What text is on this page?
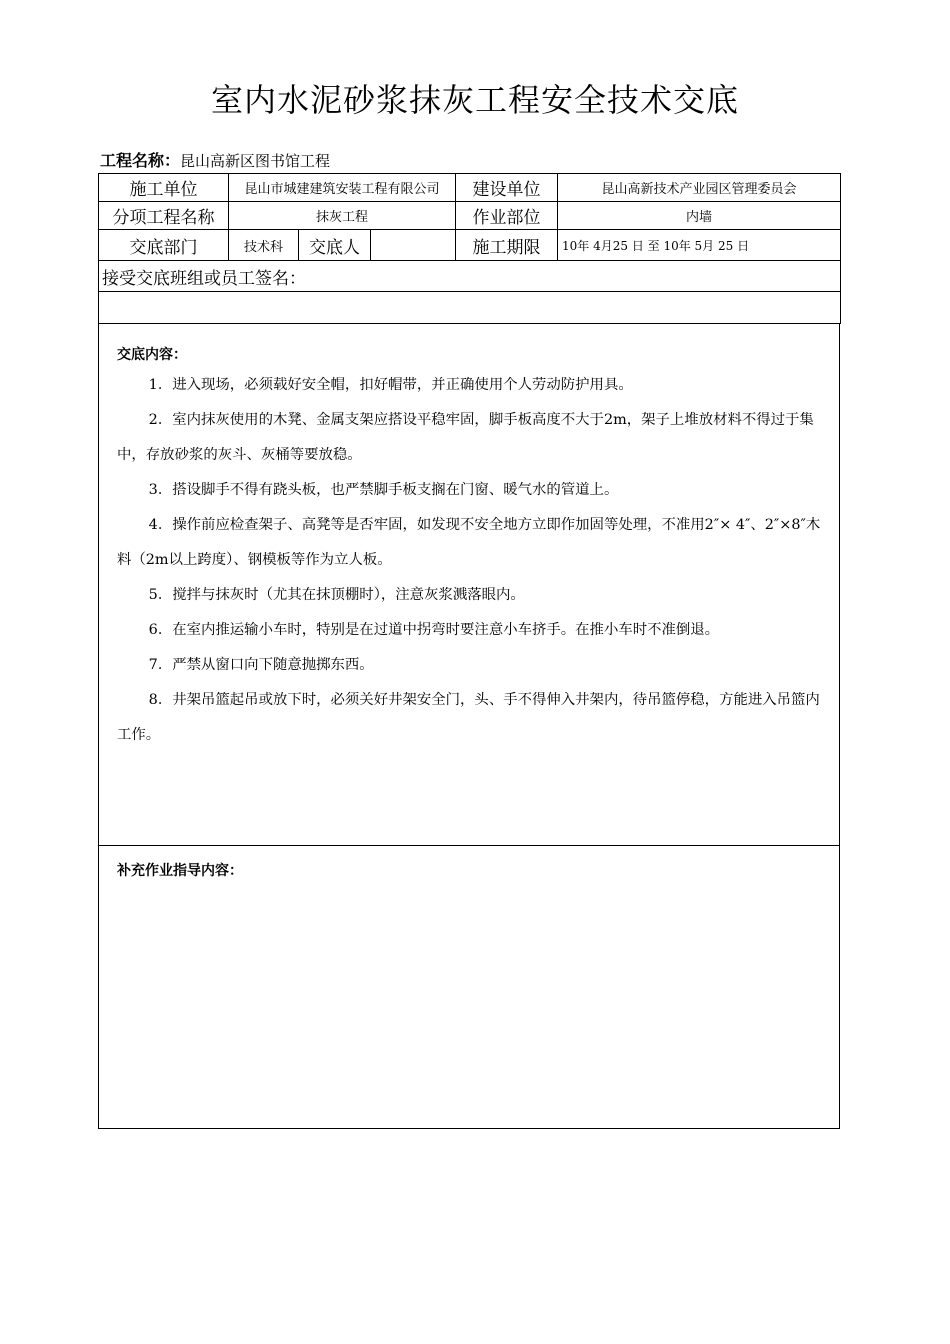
室内水泥砂浆抹灰工程安全技术交底
工程名称：昆山高新区图书馆工程
施工单位	昆山市城建建筑安装工程有限公司			建设单位	昆山高新技术产业园区管理委员会
分项工程名称	抹灰工程			作业部位	内墙
交底部门	技术科	交底人		施工期限	10年 4月25 日 至 10年 5月 25 日
接受交底班组或员工签名：					

交底内容：

1．进入现场，必须载好安全帽，扣好帽带，并正确使用个人劳动防护用具。

2．室内抹灰使用的木凳、金属支架应搭设平稳牢固，脚手板高度不大于2m，架子上堆放材料不得过于集中，存放砂浆的灰斗、灰桶等要放稳。

3．搭设脚手不得有跷头板，也严禁脚手板支搁在门窗、暖气水的管道上。

4．操作前应检查架子、高凳等是否牢固，如发现不安全地方立即作加固等处理，不准用2″× 4″、2″×8″木料（2m以上跨度）、钢模板等作为立人板。

5．搅拌与抹灰时（尤其在抹顶棚时），注意灰浆溅落眼内。

6．在室内推运输小车时，特别是在过道中拐弯时要注意小车挤手。在推小车时不准倒退。

7．严禁从窗口向下随意抛掷东西。

8．井架吊篮起吊或放下时，必须关好井架安全门，头、手不得伸入井架内，待吊篮停稳，方能进入吊篮内工作。

补充作业指导内容：
